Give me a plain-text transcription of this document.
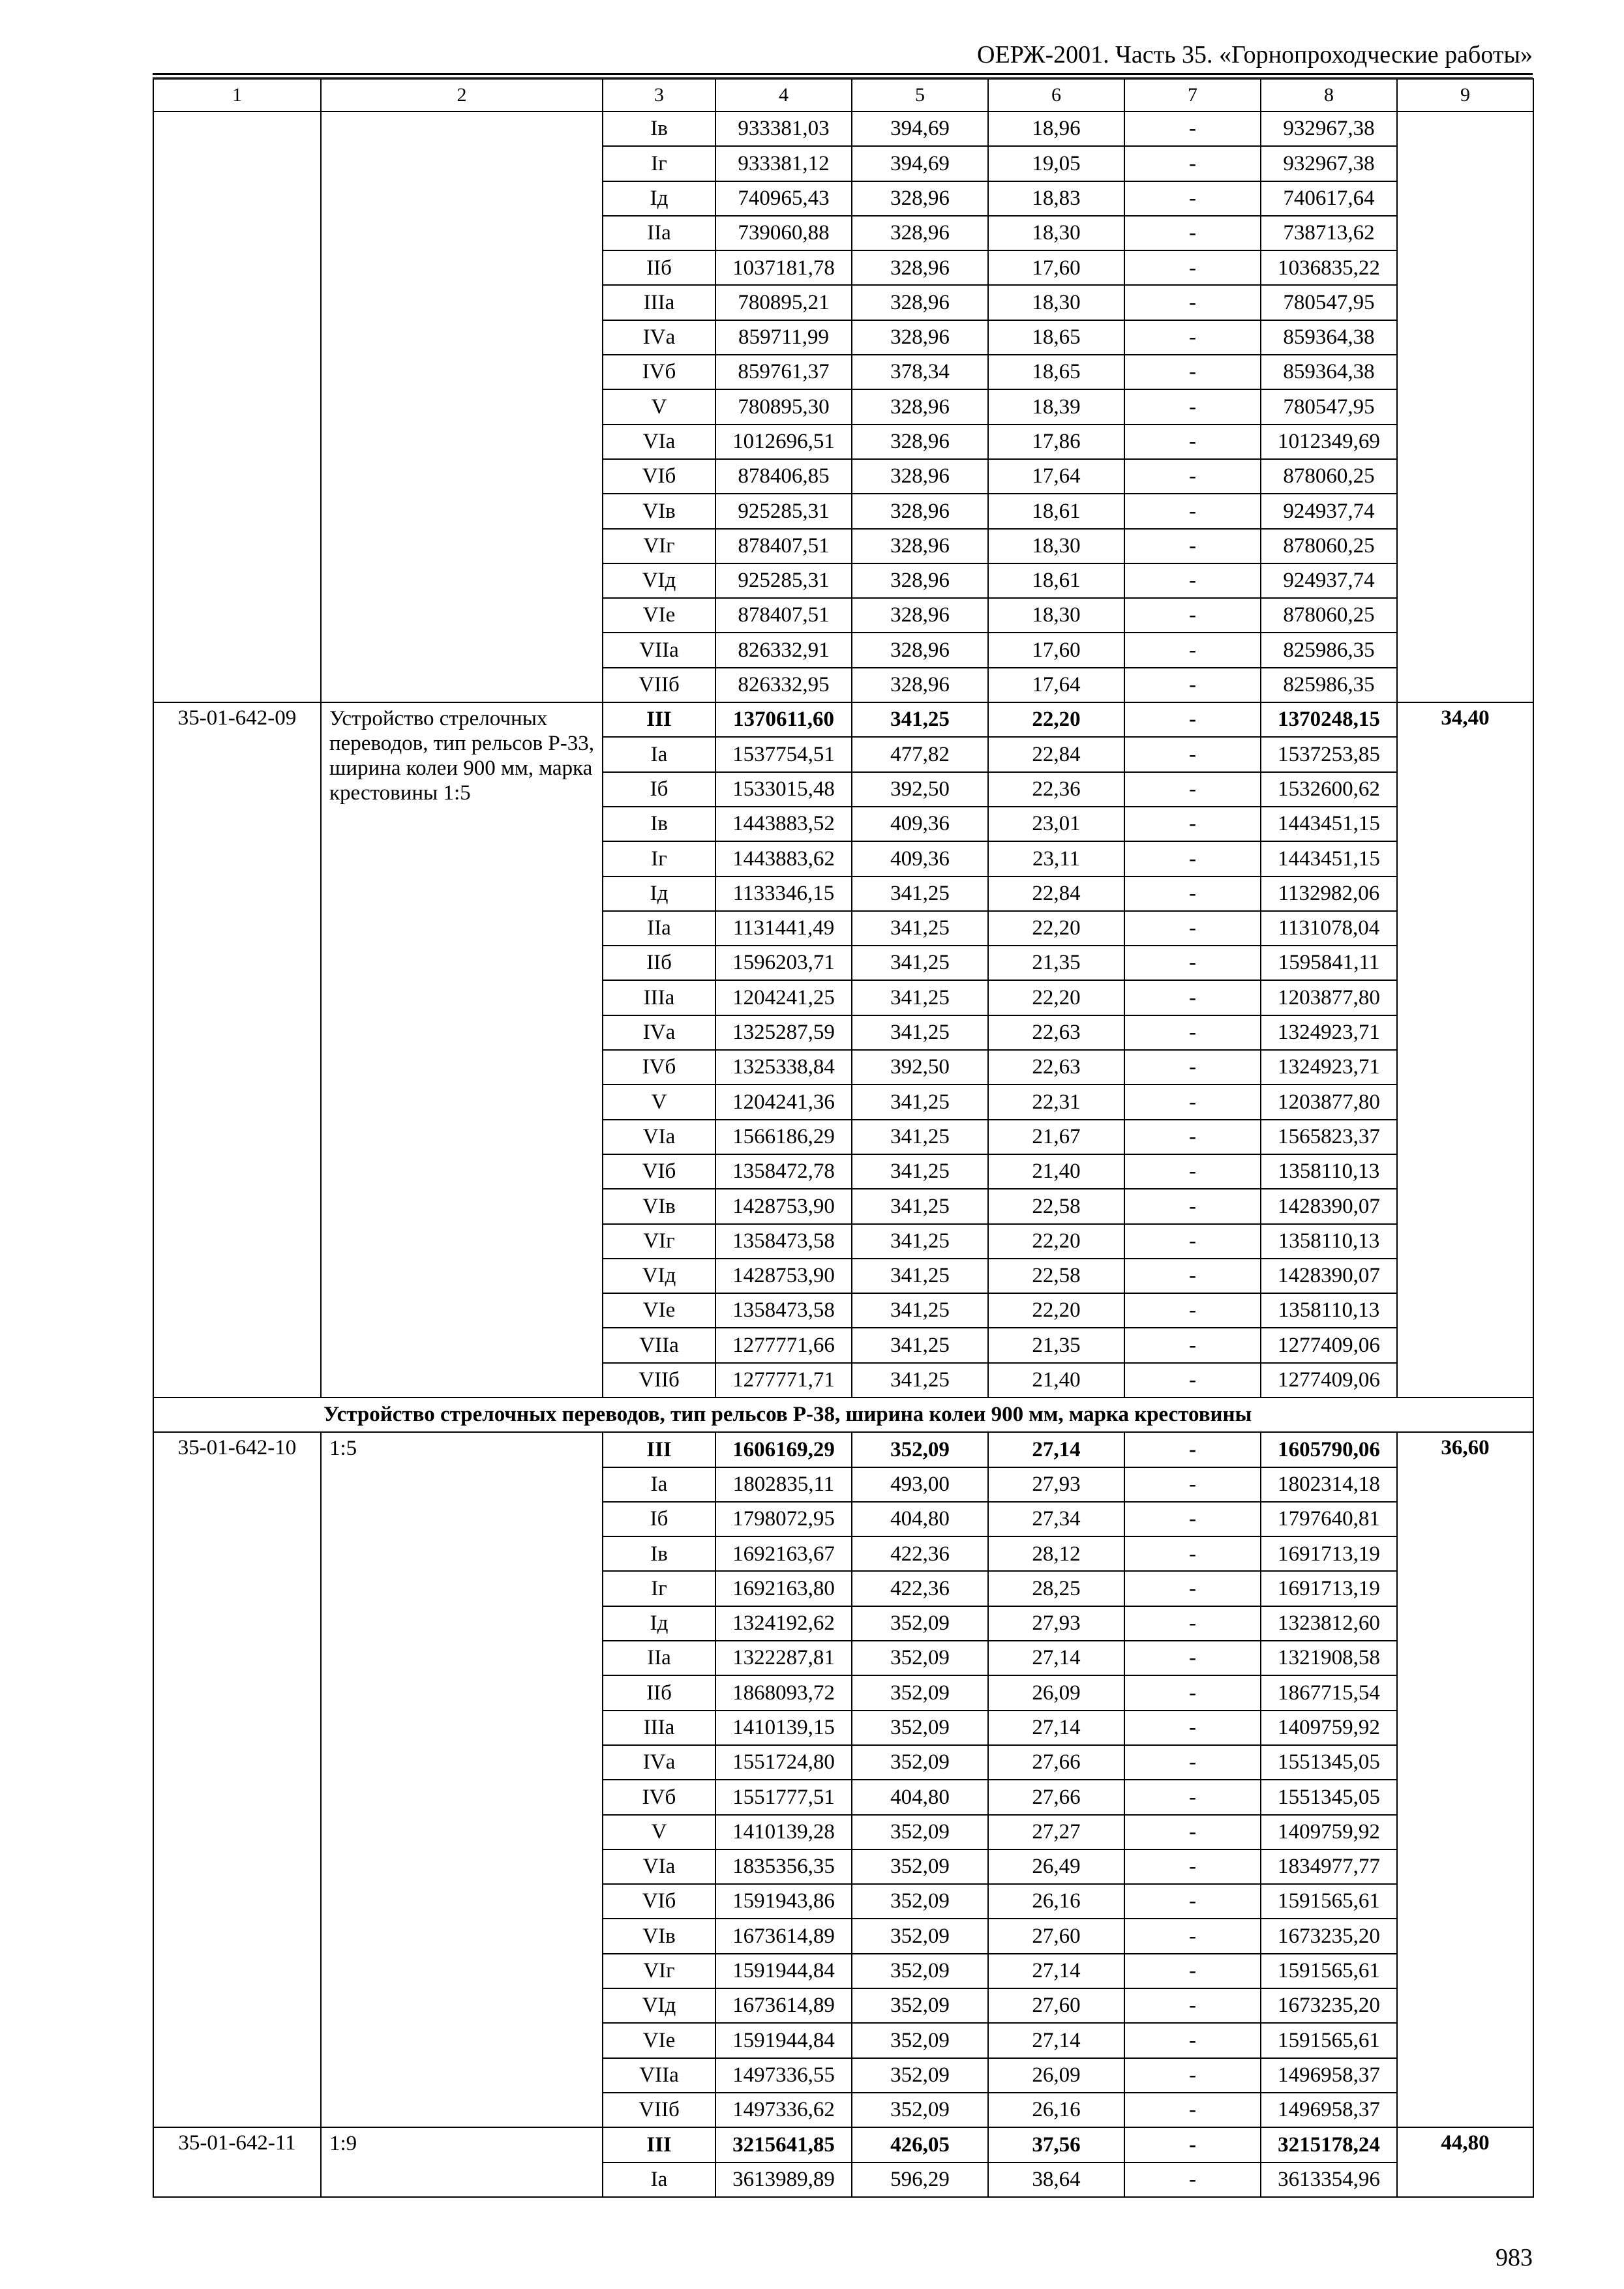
ОЕРЖ-2001. Часть 35. «Горнопроходческие работы»
1	2	3	4	5	6	7	8	9
		Iв	933381,03	394,69	18,96	-	932967,38	
		Iг	933381,12	394,69	19,05	-	932967,38	
		Iд	740965,43	328,96	18,83	-	740617,64	
		IIа	739060,88	328,96	18,30	-	738713,62	
		IIб	1037181,78	328,96	17,60	-	1036835,22	
		IIIа	780895,21	328,96	18,30	-	780547,95	
		IVа	859711,99	328,96	18,65	-	859364,38	
		IVб	859761,37	378,34	18,65	-	859364,38	
		V	780895,30	328,96	18,39	-	780547,95	
		VIа	1012696,51	328,96	17,86	-	1012349,69	
		VIб	878406,85	328,96	17,64	-	878060,25	
		VIв	925285,31	328,96	18,61	-	924937,74	
		VIг	878407,51	328,96	18,30	-	878060,25	
		VIд	925285,31	328,96	18,61	-	924937,74	
		VIе	878407,51	328,96	18,30	-	878060,25	
		VIIа	826332,91	328,96	17,60	-	825986,35	
		VIIб	826332,95	328,96	17,64	-	825986,35	
35-01-642-09	Устройство стрелочных переводов, тип рельсов Р-33, ширина колеи 900 мм, марка крестовины 1:5	III	1370611,60	341,25	22,20	-	1370248,15	34,40
		Iа	1537754,51	477,82	22,84	-	1537253,85	
		Iб	1533015,48	392,50	22,36	-	1532600,62	
		Iв	1443883,52	409,36	23,01	-	1443451,15	
		Iг	1443883,62	409,36	23,11	-	1443451,15	
		Iд	1133346,15	341,25	22,84	-	1132982,06	
		IIа	1131441,49	341,25	22,20	-	1131078,04	
		IIб	1596203,71	341,25	21,35	-	1595841,11	
		IIIа	1204241,25	341,25	22,20	-	1203877,80	
		IVа	1325287,59	341,25	22,63	-	1324923,71	
		IVб	1325338,84	392,50	22,63	-	1324923,71	
		V	1204241,36	341,25	22,31	-	1203877,80	
		VIа	1566186,29	341,25	21,67	-	1565823,37	
		VIб	1358472,78	341,25	21,40	-	1358110,13	
		VIв	1428753,90	341,25	22,58	-	1428390,07	
		VIг	1358473,58	341,25	22,20	-	1358110,13	
		VIд	1428753,90	341,25	22,58	-	1428390,07	
		VIе	1358473,58	341,25	22,20	-	1358110,13	
		VIIа	1277771,66	341,25	21,35	-	1277409,06	
		VIIб	1277771,71	341,25	21,40	-	1277409,06	
Устройство стрелочных переводов, тип рельсов Р-38, ширина колеи 900 мм, марка крестовины								
35-01-642-10	1:5	III	1606169,29	352,09	27,14	-	1605790,06	36,60
		Iа	1802835,11	493,00	27,93	-	1802314,18	
		Iб	1798072,95	404,80	27,34	-	1797640,81	
		Iв	1692163,67	422,36	28,12	-	1691713,19	
		Iг	1692163,80	422,36	28,25	-	1691713,19	
		Iд	1324192,62	352,09	27,93	-	1323812,60	
		IIа	1322287,81	352,09	27,14	-	1321908,58	
		IIб	1868093,72	352,09	26,09	-	1867715,54	
		IIIа	1410139,15	352,09	27,14	-	1409759,92	
		IVа	1551724,80	352,09	27,66	-	1551345,05	
		IVб	1551777,51	404,80	27,66	-	1551345,05	
		V	1410139,28	352,09	27,27	-	1409759,92	
		VIа	1835356,35	352,09	26,49	-	1834977,77	
		VIб	1591943,86	352,09	26,16	-	1591565,61	
		VIв	1673614,89	352,09	27,60	-	1673235,20	
		VIг	1591944,84	352,09	27,14	-	1591565,61	
		VIд	1673614,89	352,09	27,60	-	1673235,20	
		VIе	1591944,84	352,09	27,14	-	1591565,61	
		VIIа	1497336,55	352,09	26,09	-	1496958,37	
		VIIб	1497336,62	352,09	26,16	-	1496958,37	
35-01-642-11	1:9	III	3215641,85	426,05	37,56	-	3215178,24	44,80
		Iа	3613989,89	596,29	38,64	-	3613354,96	
983
